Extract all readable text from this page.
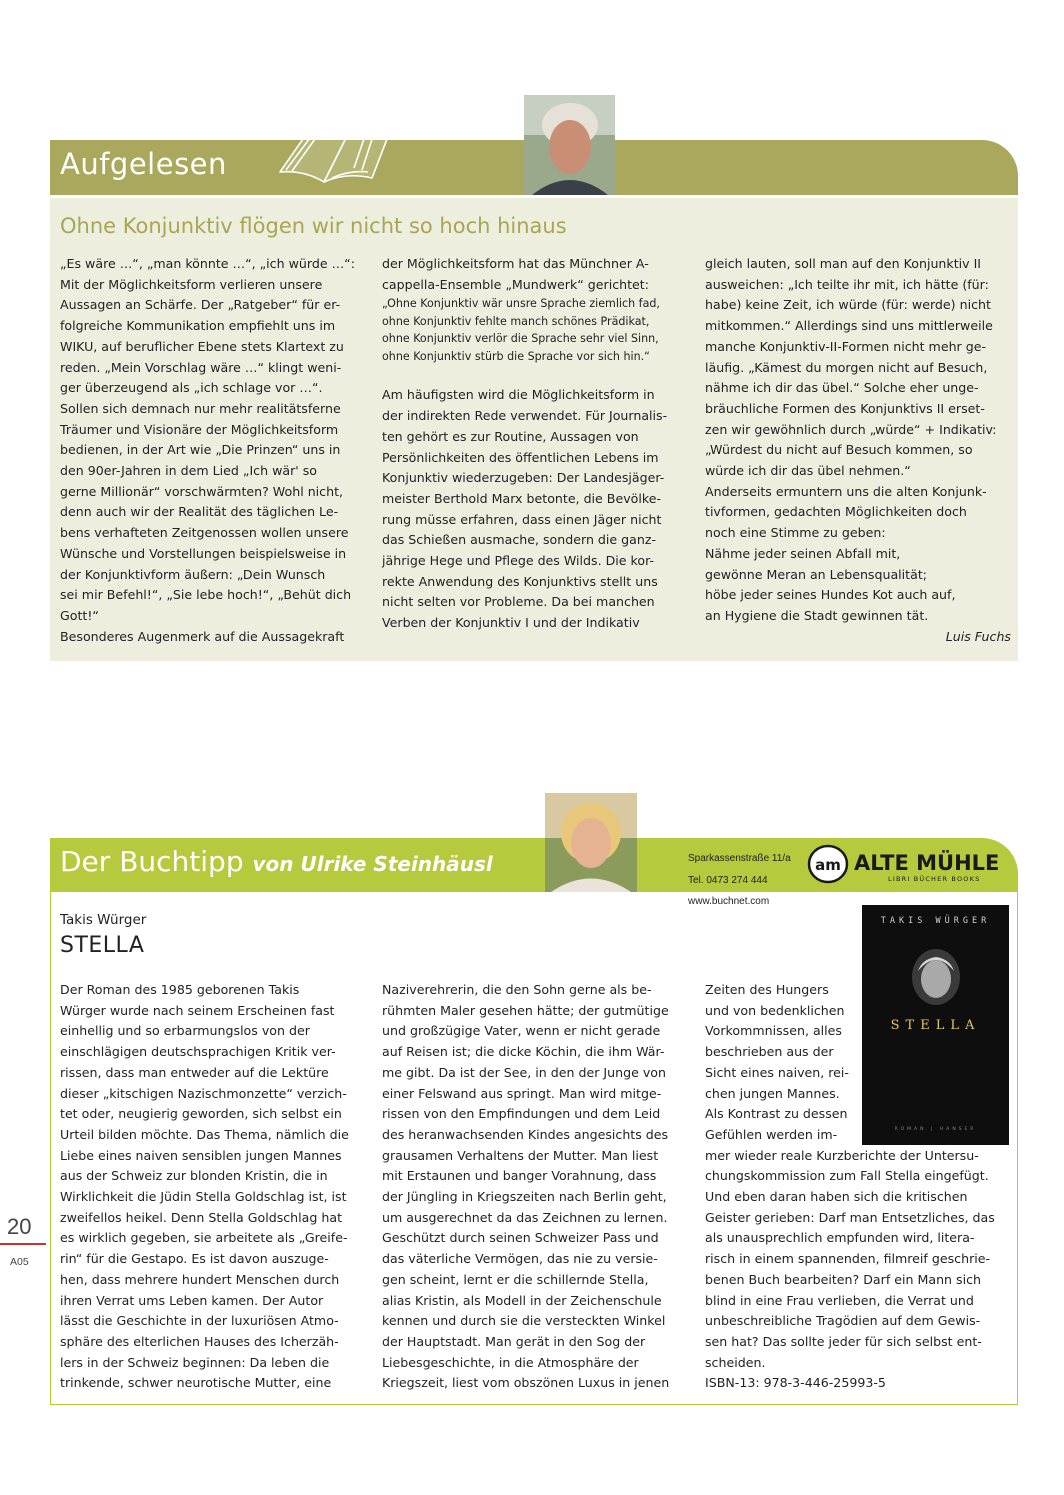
Aufgelesen
Ohne Konjunktiv flögen wir nicht so hoch hinaus

„Es wäre …“, „man könnte …“, „ich würde …“:

Mit der Möglichkeitsform verlieren unsere

Aussagen an Schärfe. Der „Ratgeber“ für er-

folgreiche Kommunikation empfiehlt uns im

WIKU, auf beruflicher Ebene stets Klartext zu

reden. „Mein Vorschlag wäre …“ klingt weni-

ger überzeugend als „ich schlage vor …“.

Sollen sich demnach nur mehr realitätsferne

Träumer und Visionäre der Möglichkeitsform

bedienen, in der Art wie „Die Prinzen“ uns in

den 90er-Jahren in dem Lied „Ich wär' so

gerne Millionär“ vorschwärmten? Wohl nicht,

denn auch wir der Realität des täglichen Le-

bens verhafteten Zeitgenossen wollen unsere

Wünsche und Vorstellungen beispielsweise in

der Konjunktivform äußern: „Dein Wunsch

sei mir Befehl!“, „Sie lebe hoch!“, „Behüt dich

Gott!“

Besonderes Augenmerk auf die Aussagekraft

der Möglichkeitsform hat das Münchner A-

cappella-Ensemble „Mundwerk“ gerichtet:

„Ohne Konjunktiv wär unsre Sprache ziemlich fad,

ohne Konjunktiv fehlte manch schönes Prädikat,

ohne Konjunktiv verlör die Sprache sehr viel Sinn,

ohne Konjunktiv stürb die Sprache vor sich hin.“

Am häufigsten wird die Möglichkeitsform in

der indirekten Rede verwendet. Für Journalis-

ten gehört es zur Routine, Aussagen von

Persönlichkeiten des öffentlichen Lebens im

Konjunktiv wiederzugeben: Der Landesjäger-

meister Berthold Marx betonte, die Bevölke-

rung müsse erfahren, dass einen Jäger nicht

das Schießen ausmache, sondern die ganz-

jährige Hege und Pflege des Wilds. Die kor-

rekte Anwendung des Konjunktivs stellt uns

nicht selten vor Probleme. Da bei manchen

Verben der Konjunktiv I und der Indikativ

gleich lauten, soll man auf den Konjunktiv II

ausweichen: „Ich teilte ihr mit, ich hätte (für:

habe) keine Zeit, ich würde (für: werde) nicht

mitkommen.“ Allerdings sind uns mittlerweile

manche Konjunktiv-II-Formen nicht mehr ge-

läufig. „Kämest du morgen nicht auf Besuch,

nähme ich dir das übel.“ Solche eher unge-

bräuchliche Formen des Konjunktivs II erset-

zen wir gewöhnlich durch „würde“ + Indikativ:

„Würdest du nicht auf Besuch kommen, so

würde ich dir das übel nehmen.“

Anderseits ermuntern uns die alten Konjunk-

tivformen, gedachten Möglichkeiten doch

noch eine Stimme zu geben:

Nähme jeder seinen Abfall mit,

gewönne Meran an Lebensqualität;

höbe jeder seines Hundes Kot auch auf,

an Hygiene die Stadt gewinnen tät.

Luis Fuchs

Der Buchtipp von Ulrike Steinhäusl	Sparkassenstraße 11/a

Tel. 0473 274 444

www.buchnet.com

am ALTE MÜHLE
LIBRI BÜCHER BOOKS
Takis Würger
STELLA
TAKIS WÜRGER
STELLA
ROMAN | HANSER

Der Roman des 1985 geborenen Takis

Würger wurde nach seinem Erscheinen fast

einhellig und so erbarmungslos von der

einschlägigen deutschsprachigen Kritik ver-

rissen, dass man entweder auf die Lektüre

dieser „kitschigen Nazischmonzette“ verzich-

tet oder, neugierig geworden, sich selbst ein

Urteil bilden möchte. Das Thema, nämlich die

Liebe eines naiven sensiblen jungen Mannes

aus der Schweiz zur blonden Kristin, die in

Wirklichkeit die Jüdin Stella Goldschlag ist, ist

zweifellos heikel. Denn Stella Goldschlag hat

es wirklich gegeben, sie arbeitete als „Greife-

rin“ für die Gestapo. Es ist davon auszuge-

hen, dass mehrere hundert Menschen durch

ihren Verrat ums Leben kamen. Der Autor

lässt die Geschichte in der luxuriösen Atmo-

sphäre des elterlichen Hauses des Icherzäh-

lers in der Schweiz beginnen: Da leben die

trinkende, schwer neurotische Mutter, eine

Naziverehrerin, die den Sohn gerne als be-

rühmten Maler gesehen hätte; der gutmütige

und großzügige Vater, wenn er nicht gerade

auf Reisen ist; die dicke Köchin, die ihm Wär-

me gibt. Da ist der See, in den der Junge von

einer Felswand aus springt. Man wird mitge-

rissen von den Empfindungen und dem Leid

des heranwachsenden Kindes angesichts des

grausamen Verhaltens der Mutter. Man liest

mit Erstaunen und banger Vorahnung, dass

der Jüngling in Kriegszeiten nach Berlin geht,

um ausgerechnet da das Zeichnen zu lernen.

Geschützt durch seinen Schweizer Pass und

das väterliche Vermögen, das nie zu versie-

gen scheint, lernt er die schillernde Stella,

alias Kristin, als Modell in der Zeichenschule

kennen und durch sie die versteckten Winkel

der Hauptstadt. Man gerät in den Sog der

Liebesgeschichte, in die Atmosphäre der

Kriegszeit, liest vom obszönen Luxus in jenen

Zeiten des Hungers

und von bedenklichen

Vorkommnissen, alles

beschrieben aus der

Sicht eines naiven, rei-

chen jungen Mannes.

Als Kontrast zu dessen

Gefühlen werden im-

mer wieder reale Kurzberichte der Untersu-

chungskommission zum Fall Stella eingefügt.

Und eben daran haben sich die kritischen

Geister gerieben: Darf man Entsetzliches, das

als unausprechlich empfunden wird, litera-

risch in einem spannenden, filmreif geschrie-

benen Buch bearbeiten? Darf ein Mann sich

blind in eine Frau verlieben, die Verrat und

unbeschreibliche Tragödien auf dem Gewis-

sen hat? Das sollte jeder für sich selbst ent-

scheiden.

ISBN-13: 978-3-446-25993-5

20
A05
